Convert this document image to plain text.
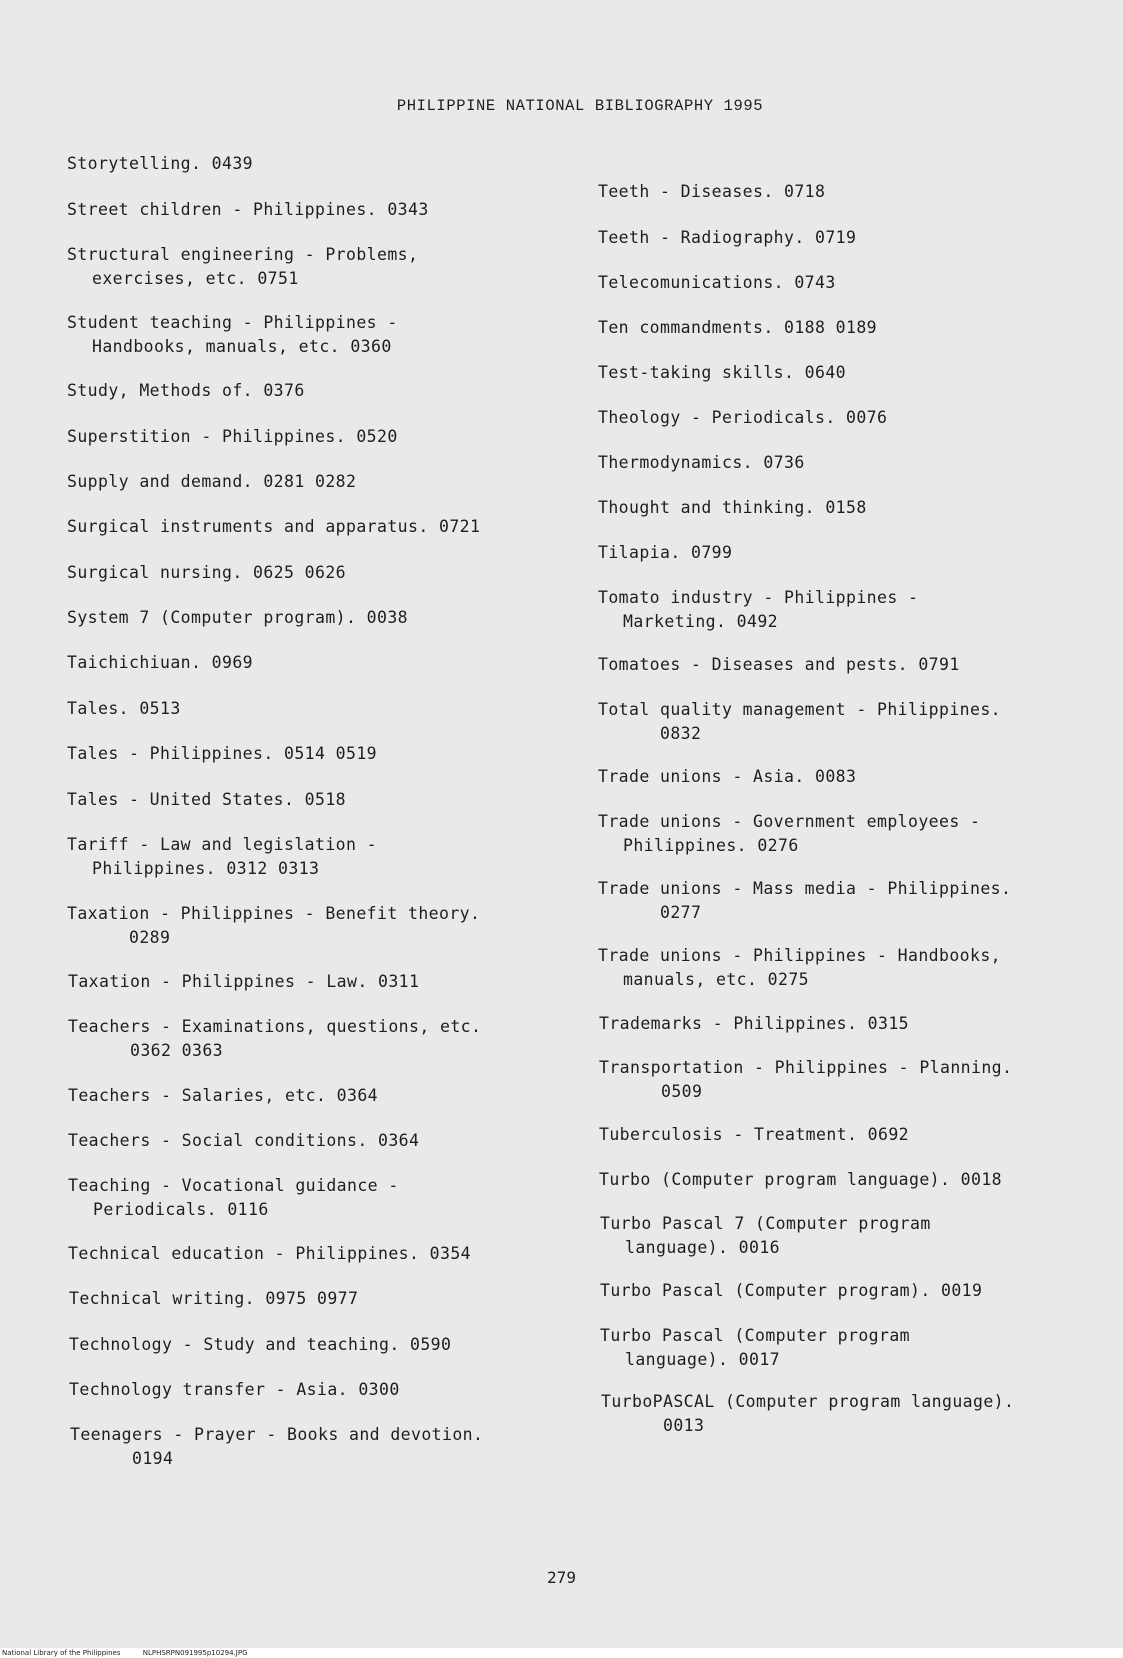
PHILIPPINE NATIONAL BIBLIOGRAPHY 1995
Storytelling. 0439
Street children - Philippines. 0343
Structural engineering - Problems,
exercises, etc. 0751
Student teaching - Philippines -
Handbooks, manuals, etc. 0360
Study, Methods of. 0376
Superstition - Philippines. 0520
Supply and demand. 0281 0282
Surgical instruments and apparatus. 0721
Surgical nursing. 0625 0626
System 7 (Computer program). 0038
Taichichiuan. 0969
Tales. 0513
Tales - Philippines. 0514 0519
Tales - United States. 0518
Tariff - Law and legislation -
Philippines. 0312 0313
Taxation - Philippines - Benefit theory.
0289
Taxation - Philippines - Law. 0311
Teachers - Examinations, questions, etc.
0362 0363
Teachers - Salaries, etc. 0364
Teachers - Social conditions. 0364
Teaching - Vocational guidance -
Periodicals. 0116
Technical education - Philippines. 0354
Technical writing. 0975 0977
Technology - Study and teaching. 0590
Technology transfer - Asia. 0300
Teenagers - Prayer - Books and devotion.
0194
Teeth - Diseases. 0718
Teeth - Radiography. 0719
Telecomunications. 0743
Ten commandments. 0188 0189
Test-taking skills. 0640
Theology - Periodicals. 0076
Thermodynamics. 0736
Thought and thinking. 0158
Tilapia. 0799
Tomato industry - Philippines -
Marketing. 0492
Tomatoes - Diseases and pests. 0791
Total quality management - Philippines.
0832
Trade unions - Asia. 0083
Trade unions - Government employees -
Philippines. 0276
Trade unions - Mass media - Philippines.
0277
Trade unions - Philippines - Handbooks,
manuals, etc. 0275
Trademarks - Philippines. 0315
Transportation - Philippines - Planning.
0509
Tuberculosis - Treatment. 0692
Turbo (Computer program language). 0018
Turbo Pascal 7 (Computer program
language). 0016
Turbo Pascal (Computer program). 0019
Turbo Pascal (Computer program
language). 0017
TurboPASCAL (Computer program language).
0013
279
National Library of the Philippines	NLPHSRPN091995p10294.JPG
